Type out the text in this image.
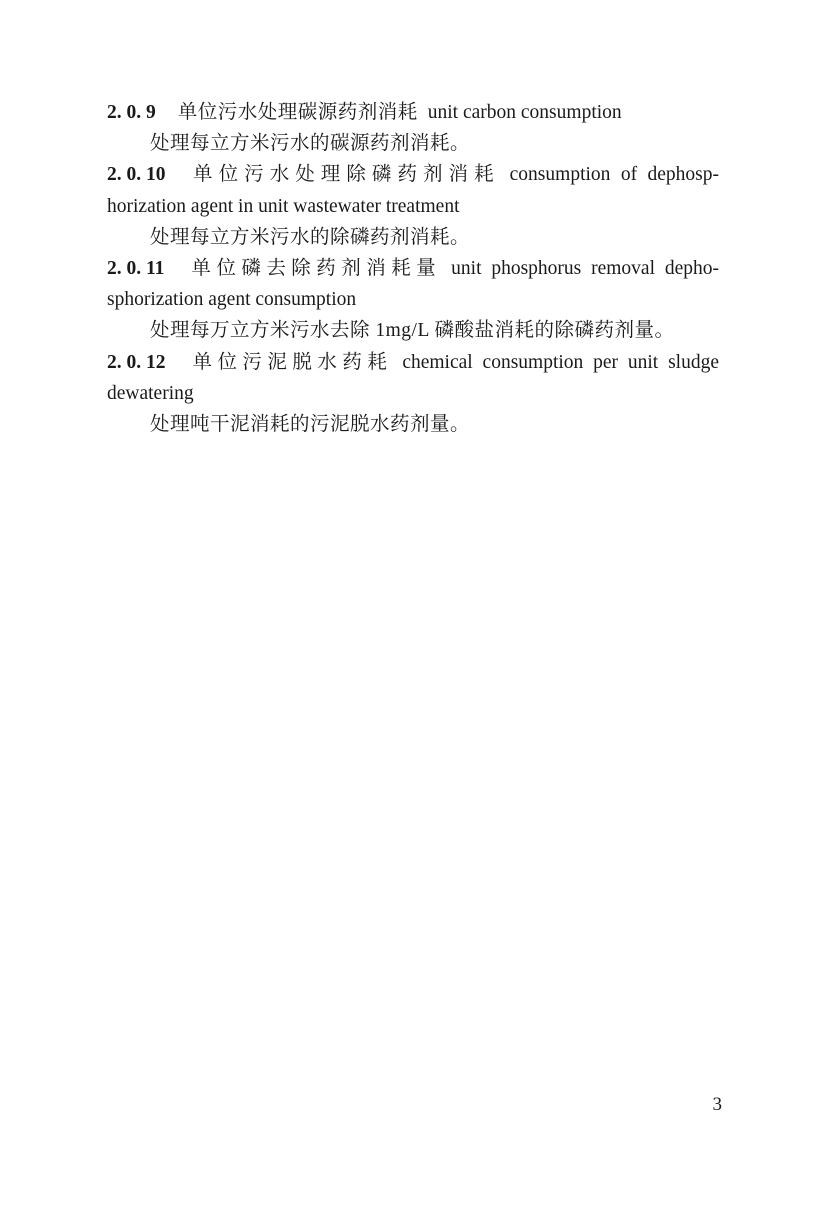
2. 0. 9 单位污水处理碳源药剂消耗 unit carbon consumption
处理每立方米污水的碳源药剂消耗。
2. 0. 10 单位污水处理除磷药剂消耗 consumption of dephosp-
horization agent in unit wastewater treatment
处理每立方米污水的除磷药剂消耗。
2. 0. 11 单位磷去除药剂消耗量 unit phosphorus removal depho-
sphorization agent consumption
处理每万立方米污水去除 1mg/L 磷酸盐消耗的除磷药剂量。
2. 0. 12 单位污泥脱水药耗 chemical consumption per unit sludge
dewatering
处理吨干泥消耗的污泥脱水药剂量。
3
